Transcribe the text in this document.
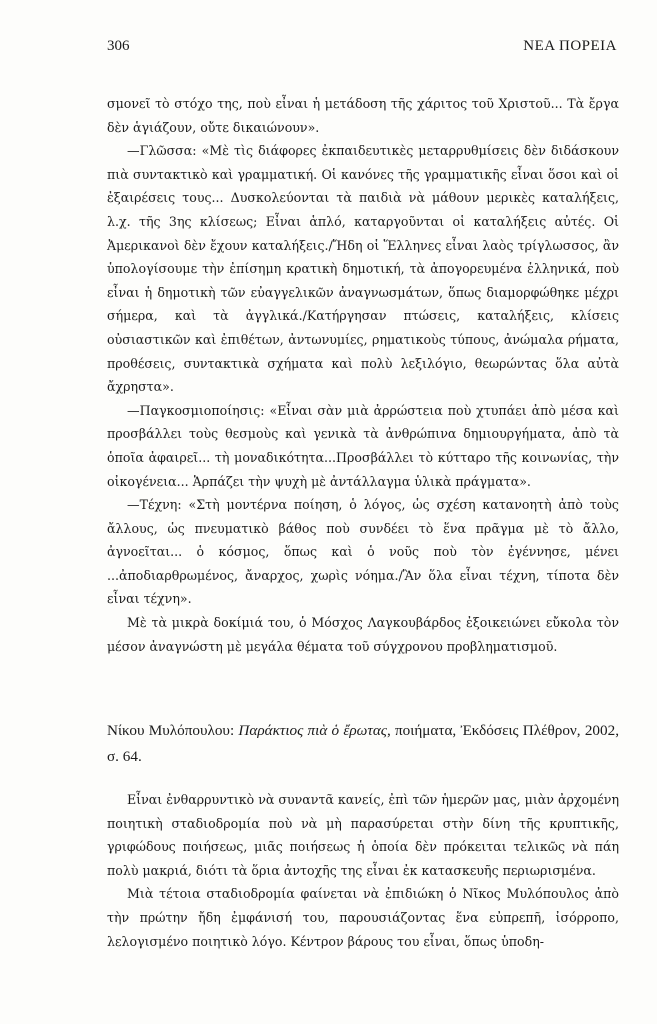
306	ΝΕΑ ΠΟΡΕΙΑ

σμονεῖ τὸ στόχο της, ποὺ εἶναι ἡ μετάδοση τῆς χάριτος τοῦ Χριστοῦ... Τὰ ἔργα δὲν ἁγιάζουν, οὔτε δικαιώνουν».

—Γλῶσσα: «Μὲ τὶς διάφορες ἐκπαιδευτικὲς μεταρρυθμίσεις δὲν διδάσκουν πιὰ συντακτικὸ καὶ γραμματική. Οἱ κανόνες τῆς γραμματικῆς εἶναι ὅσοι καὶ οἱ ἐξαιρέσεις τους... Δυσκολεύονται τὰ παιδιὰ νὰ μάθουν μερικὲς καταλήξεις, λ.χ. τῆς 3ης κλίσεως; Εἶναι ἁπλό, καταργοῦνται οἱ καταλήξεις αὐτές. Οἱ Ἀμερικανοὶ δὲν ἔχουν καταλήξεις./Ἤδη οἱ Ἕλληνες εἶναι λαὸς τρίγλωσσος, ἂν ὑπολογίσουμε τὴν ἐπίσημη κρατικὴ δημοτική, τὰ ἀπογορευμένα ἑλληνικά, ποὺ εἶναι ἡ δημοτικὴ τῶν εὐαγγελικῶν ἀναγνωσμάτων, ὅπως διαμορφώθηκε μέχρι σήμερα, καὶ τὰ ἀγγλικά./Κατήργησαν πτώσεις, καταλήξεις, κλίσεις οὐσιαστικῶν καὶ ἐπιθέτων, ἀντωνυμίες, ρηματικοὺς τύπους, ἀνώμαλα ρήματα, προθέσεις, συντακτικὰ σχήματα καὶ πολὺ λεξιλόγιο, θεωρώντας ὅλα αὐτὰ ἄχρηστα».

—Παγκοσμιοποίησις: «Εἶναι σὰν μιὰ ἀρρώστεια ποὺ χτυπάει ἀπὸ μέσα καὶ προσβάλλει τοὺς θεσμοὺς καὶ γενικὰ τὰ ἀνθρώπινα δημιουργήματα, ἀπὸ τὰ ὁποῖα ἀφαιρεῖ... τὴ μοναδικότητα...Προσβάλλει τὸ κύτταρο τῆς κοινωνίας, τὴν οἰκογένεια... Ἁρπάζει τὴν ψυχὴ μὲ ἀντάλλαγμα ὑλικὰ πράγματα».

—Τέχνη: «Στὴ μοντέρνα ποίηση, ὁ λόγος, ὡς σχέση κατανοητὴ ἀπὸ τοὺς ἄλλους, ὡς πνευματικὸ βάθος ποὺ συνδέει τὸ ἕνα πρᾶγμα μὲ τὸ ἄλλο, ἀγνοεῖται... ὁ κόσμος, ὅπως καὶ ὁ νοῦς ποὺ τὸν ἐγέννησε, μένει ...ἀποδιαρθρωμένος, ἄναρχος, χωρὶς νόημα./Ἂν ὅλα εἶναι τέχνη, τίποτα δὲν εἶναι τέχνη».

Μὲ τὰ μικρὰ δοκίμιά του, ὁ Μόσχος Λαγκουβάρδος ἐξοικειώνει εὔκολα τὸν μέσον ἀναγνώστη μὲ μεγάλα θέματα τοῦ σύγχρονου προβληματισμοῦ.

Νίκου Μυλόπουλου: Παράκτιος πιὰ ὁ ἔρωτας, ποιήματα, Ἐκδόσεις Πλέθρον, 2002, σ. 64.

Εἶναι ἐνθαρρυντικὸ νὰ συναντᾶ κανείς, ἐπὶ τῶν ἡμερῶν μας, μιὰν ἀρχομένη ποιητικὴ σταδιοδρομία ποὺ νὰ μὴ παρασύρεται στὴν δίνη τῆς κρυπτικῆς, γριφώδους ποιήσεως, μιᾶς ποιήσεως ἡ ὁποία δὲν πρόκειται τελικῶς νὰ πάη πολὺ μακριά, διότι τὰ ὅρια ἀντοχῆς της εἶναι ἐκ κατασκευῆς περιωρισμένα.

Μιὰ τέτοια σταδιοδρομία φαίνεται νὰ ἐπιδιώκη ὁ Νῖκος Μυλόπουλος ἀπὸ τὴν πρώτην ἤδη ἐμφάνισή του, παρουσιάζοντας ἕνα εὐπρεπῆ, ἰσόρροπο, λελογισμένο ποιητικὸ λόγο. Κέντρον βάρους του εἶναι, ὅπως ὑποδη-
